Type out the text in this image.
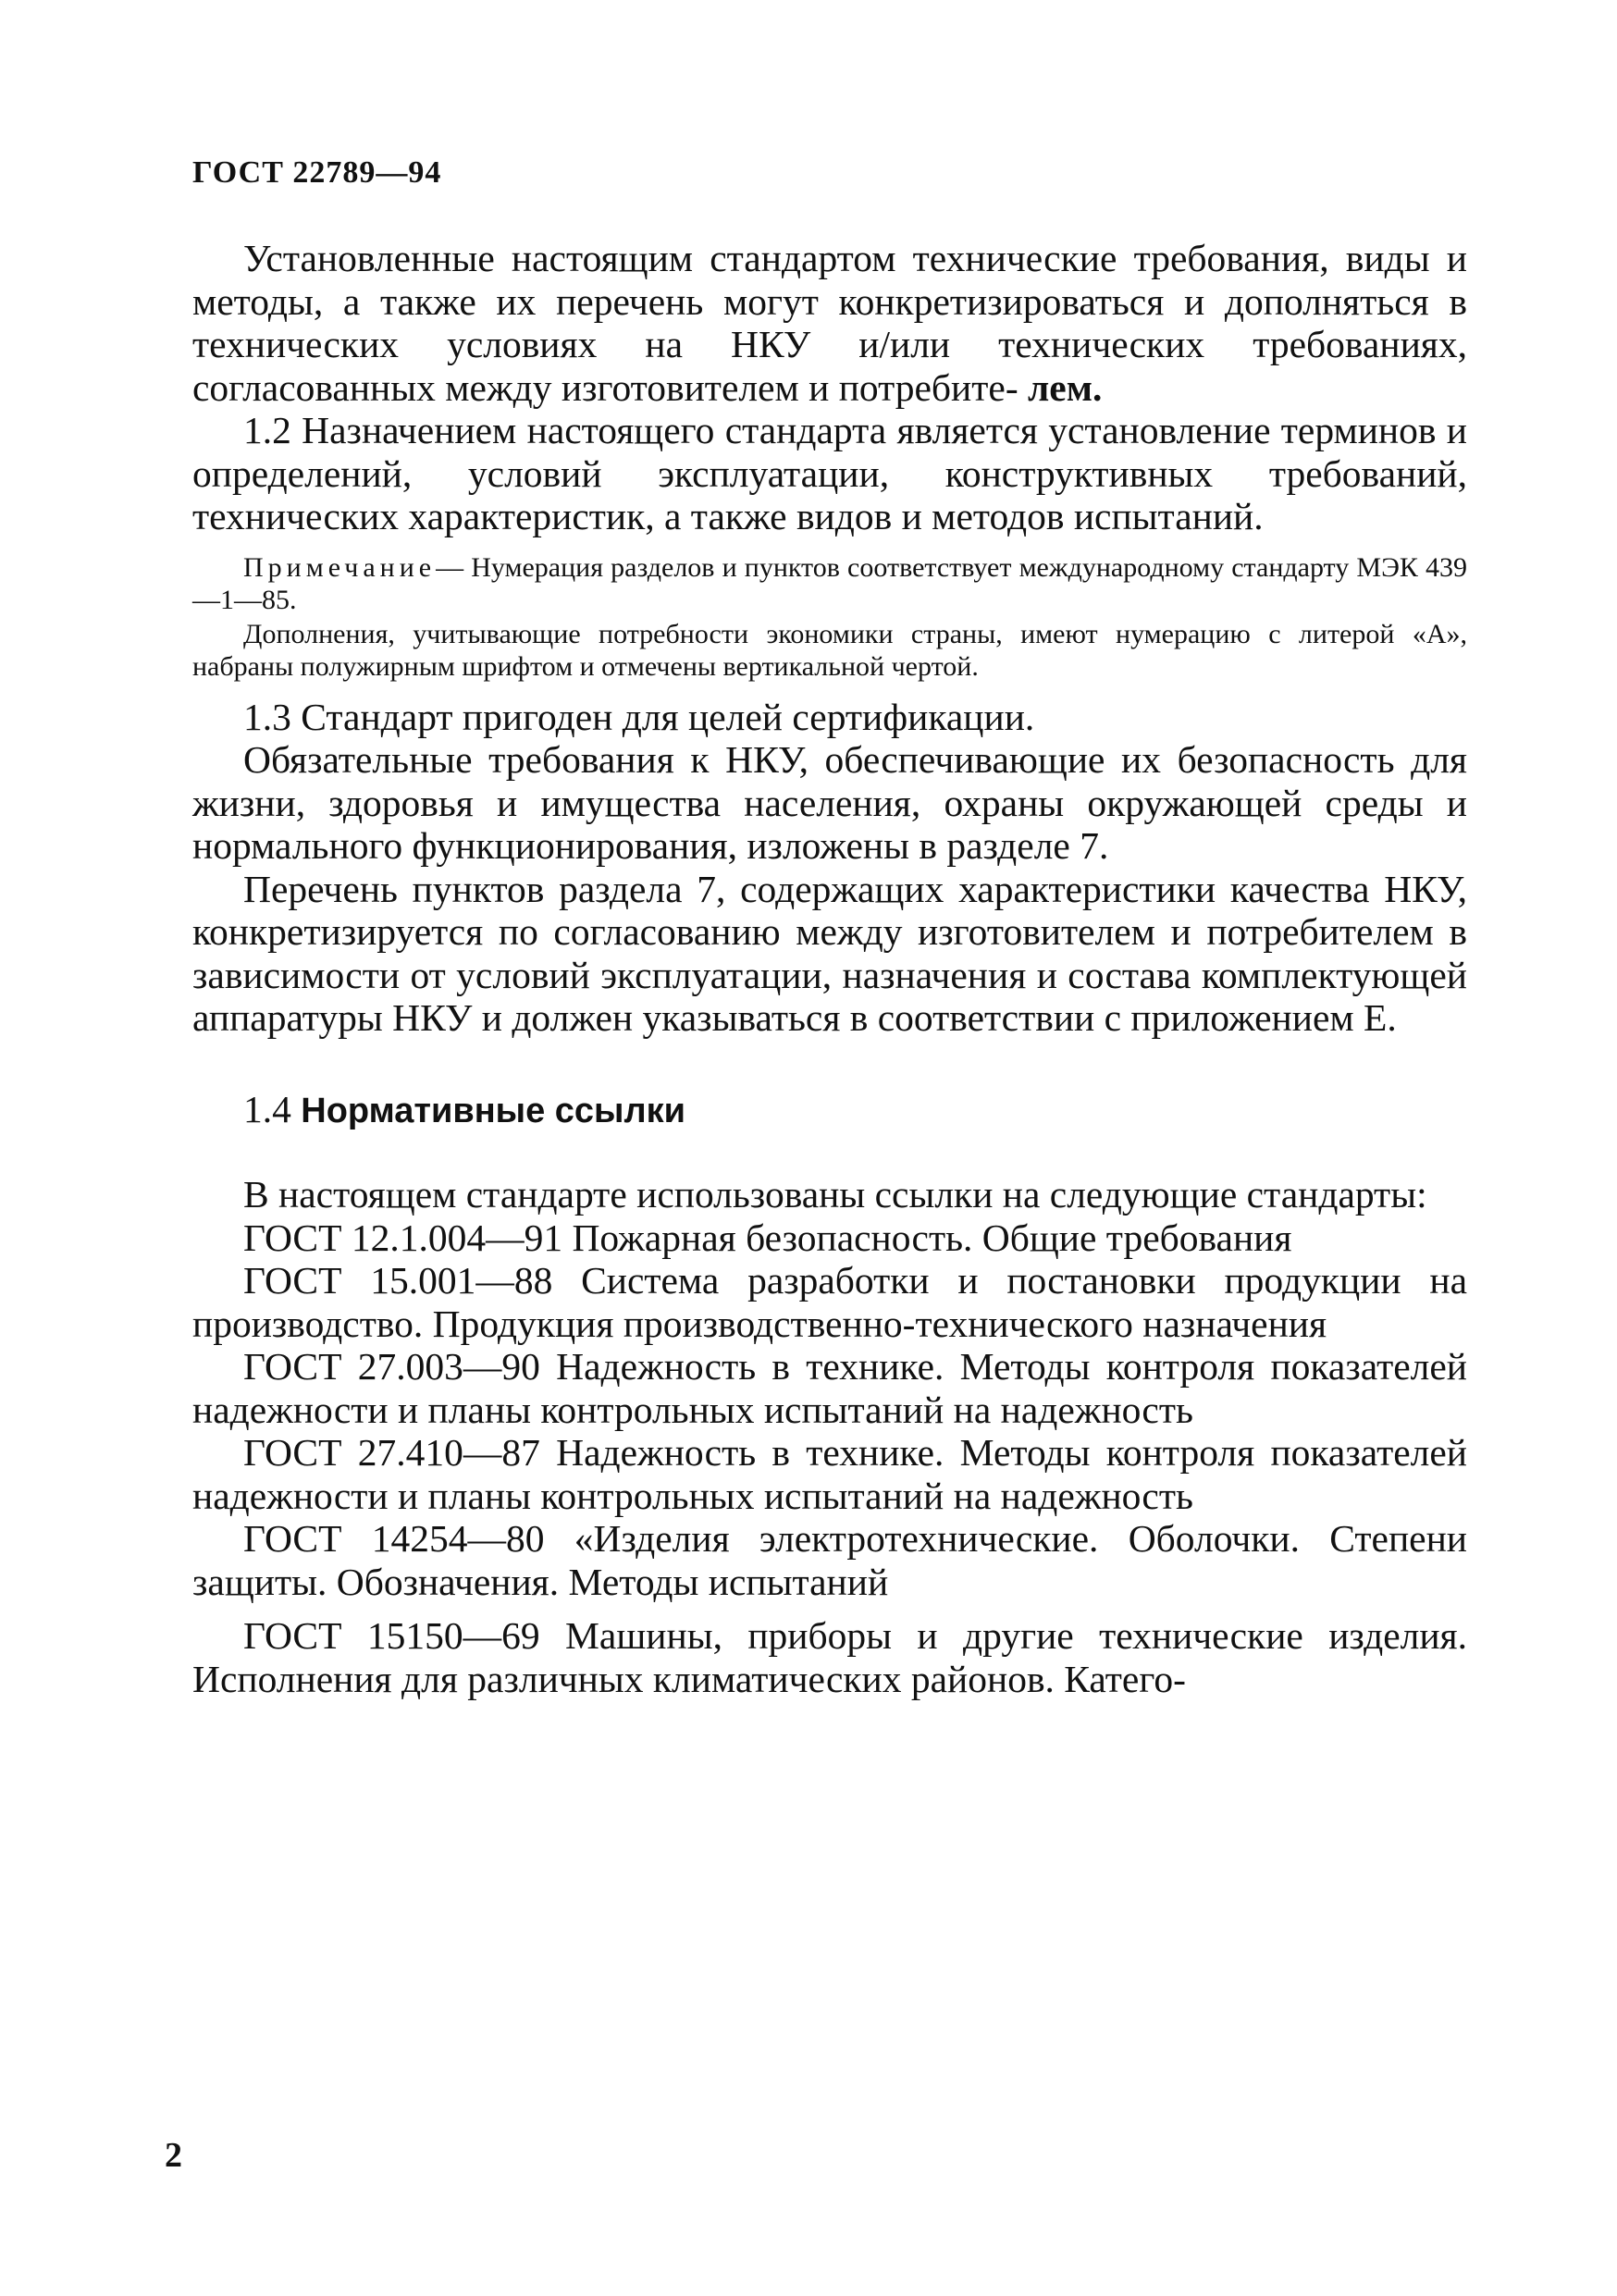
ГОСТ 22789—94

Установленные настоящим стандартом технические требования, виды и методы, а также их перечень могут конкретизироваться и дополняться в технических условиях на НКУ и/или технических требованиях, согласованных между изготовителем и потребите- лем.

1.2 Назначением настоящего стандарта является установление терминов и определений, условий эксплуатации, конструктивных требований, технических характеристик, а также видов и методов испытаний.

Примечание— Нумерация разделов и пунктов соответствует международному стандарту МЭК 439—1—85.

Дополнения, учитывающие потребности экономики страны, имеют нумерацию с литерой «А», набраны полужирным шрифтом и отмечены вертикальной чертой.

1.3 Стандарт пригоден для целей сертификации.

Обязательные требования к НКУ, обеспечивающие их безопасность для жизни, здоровья и имущества населения, охраны окружающей среды и нормального функционирования, изложены в разделе 7.

Перечень пунктов раздела 7, содержащих характеристики качества НКУ, конкретизируется по согласованию между изготовителем и потребителем в зависимости от условий эксплуатации, назначения и состава комплектующей аппаратуры НКУ и должен указываться в соответствии с приложением Е.

1.4 Нормативные ссылки

В настоящем стандарте использованы ссылки на следующие стандарты:

ГОСТ 12.1.004—91 Пожарная безопасность. Общие требования

ГОСТ 15.001—88 Система разработки и постановки продукции на производство. Продукция производственно-технического назначения

ГОСТ 27.003—90 Надежность в технике. Методы контроля показателей надежности и планы контрольных испытаний на надежность

ГОСТ 27.410—87 Надежность в технике. Методы контроля показателей надежности и планы контрольных испытаний на надежность

ГОСТ 14254—80 «Изделия электротехнические. Оболочки. Степени защиты. Обозначения. Методы испытаний

ГОСТ 15150—69 Машины, приборы и другие технические изделия. Исполнения для различных климатических районов. Катего-

2
